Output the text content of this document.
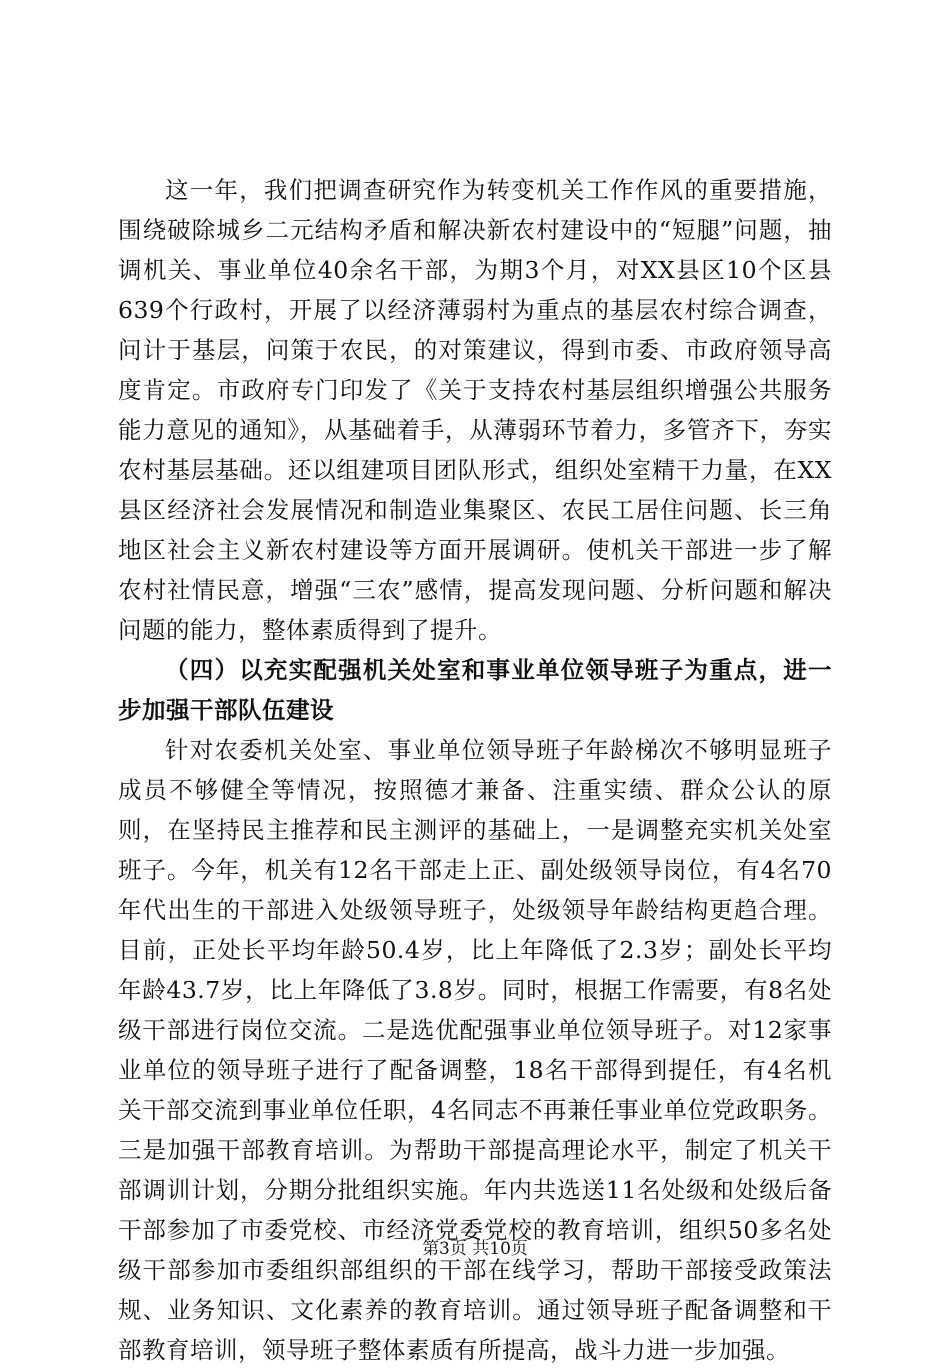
这一年，我们把调查研究作为转变机关工作作风的重要措施，围绕破除城乡二元结构矛盾和解决新农村建设中的“短腿”问题，抽调机关、事业单位40余名干部，为期3个月，对XX县区10个区县639个行政村，开展了以经济薄弱村为重点的基层农村综合调查，问计于基层，问策于农民，的对策建议，得到市委、市政府领导高度肯定。市政府专门印发了《关于支持农村基层组织增强公共服务能力意见的通知》，从基础着手，从薄弱环节着力，多管齐下，夯实农村基层基础。还以组建项目团队形式，组织处室精干力量，在XX县区经济社会发展情况和制造业集聚区、农民工居住问题、长三角地区社会主义新农村建设等方面开展调研。使机关干部进一步了解农村社情民意，增强“三农”感情，提高发现问题、分析问题和解决问题的能力，整体素质得到了提升。

（四）以充实配强机关处室和事业单位领导班子为重点，进一步加强干部队伍建设

针对农委机关处室、事业单位领导班子年龄梯次不够明显班子成员不够健全等情况，按照德才兼备、注重实绩、群众公认的原则，在坚持民主推荐和民主测评的基础上，一是调整充实机关处室班子。今年，机关有12名干部走上正、副处级领导岗位，有4名70年代出生的干部进入处级领导班子，处级领导年龄结构更趋合理。目前，正处长平均年龄50.4岁，比上年降低了2.3岁；副处长平均年龄43.7岁，比上年降低了3.8岁。同时，根据工作需要，有8名处级干部进行岗位交流。二是选优配强事业单位领导班子。对12家事业单位的领导班子进行了配备调整，18名干部得到提任，有4名机关干部交流到事业单位任职，4名同志不再兼任事业单位党政职务。三是加强干部教育培训。为帮助干部提高理论水平，制定了机关干部调训计划，分期分批组织实施。年内共选送11名处级和处级后备干部参加了市委党校、市经济党委党校的教育培训，组织50多名处级干部参加市委组织部组织的干部在线学习，帮助干部接受政策法规、业务知识、文化素养的教育培训。通过领导班子配备调整和干部教育培训，领导班子整体素质有所提高，战斗力进一步加强。

第3页 共10页
